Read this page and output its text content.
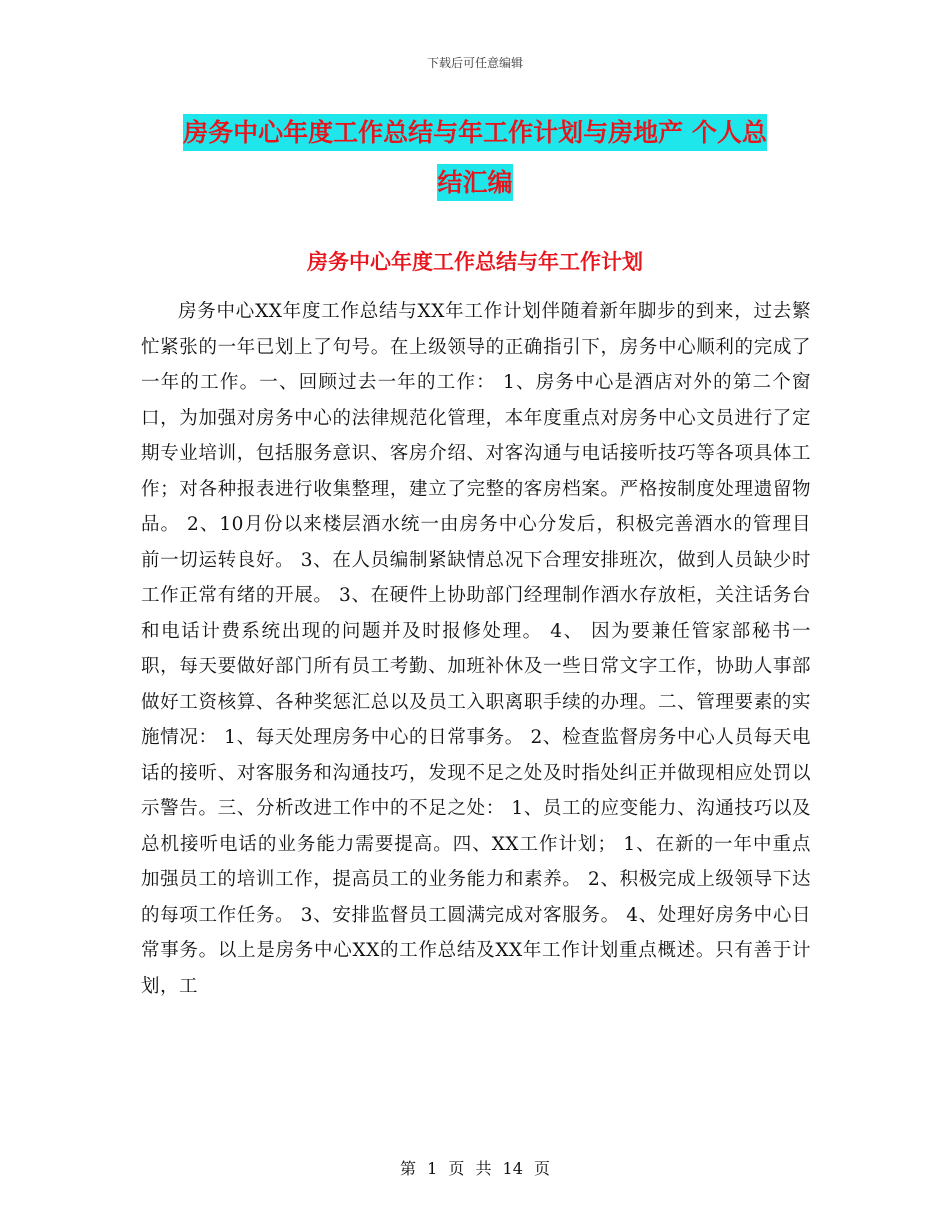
下载后可任意编辑
房务中心年度工作总结与年工作计划与房地产 个人总
结汇编
房务中心年度工作总结与年工作计划

房务中心XX年度工作总结与XX年工作计划伴随着新年脚步的到来，过去繁忙紧张的一年已划上了句号。在上级领导的正确指引下，房务中心顺利的完成了一年的工作。一、回顾过去一年的工作： 1、房务中心是酒店对外的第二个窗口，为加强对房务中心的法律规范化管理，本年度重点对房务中心文员进行了定期专业培训，包括服务意识、客房介绍、对客沟通与电话接听技巧等各项具体工作；对各种报表进行收集整理，建立了完整的客房档案。严格按制度处理遗留物品。 2、10月份以来楼层酒水统一由房务中心分发后，积极完善酒水的管理目前一切运转良好。 3、在人员编制紧缺情总况下合理安排班次，做到人员缺少时工作正常有绪的开展。 3、在硬件上协助部门经理制作酒水存放柜，关注话务台和电话计费系统出现的问题并及时报修处理。 4、 因为要兼任管家部秘书一职，每天要做好部门所有员工考勤、加班补休及一些日常文字工作，协助人事部做好工资核算、各种奖惩汇总以及员工入职离职手续的办理。二、管理要素的实施情况： 1、每天处理房务中心的日常事务。 2、检查监督房务中心人员每天电话的接听、对客服务和沟通技巧，发现不足之处及时指处纠正并做现相应处罚以示警告。三、分析改进工作中的不足之处： 1、员工的应变能力、沟通技巧以及总机接听电话的业务能力需要提高。四、XX工作计划； 1、在新的一年中重点加强员工的培训工作，提高员工的业务能力和素养。 2、积极完成上级领导下达的每项工作任务。 3、安排监督员工圆满完成对客服务。 4、处理好房务中心日常事务。以上是房务中心XX的工作总结及XX年工作计划重点概述。只有善于计划，工

第 1 页 共 14 页
